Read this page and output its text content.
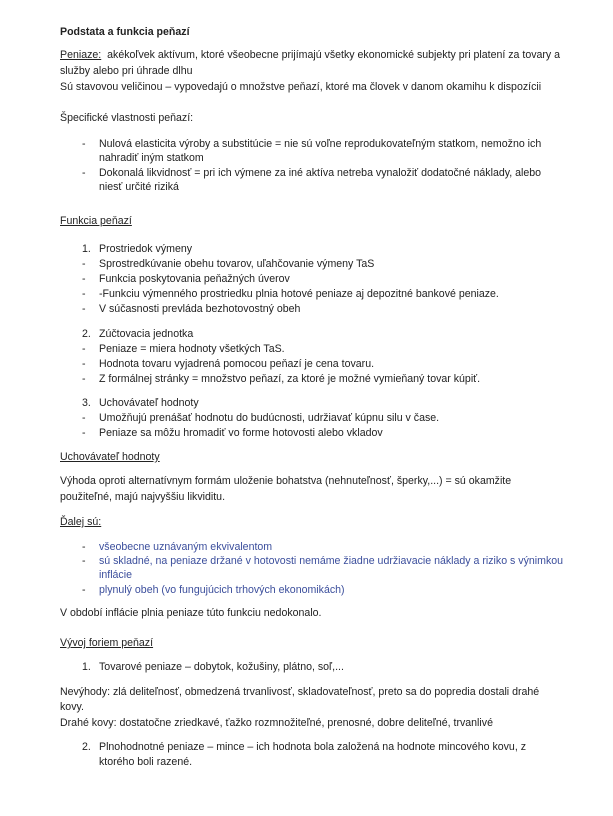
Podstata a funkcia peňazí
Peniaze: akékoľvek aktívum, ktoré všeobecne prijímajú všetky ekonomické subjekty pri platení za tovary a
služby alebo pri úhrade dlhu
Sú stavovou veličinou – vypovedajú o množstve peňazí, ktoré ma človek v danom okamihu k dispozícii
Špecifické vlastnosti peňazí:
- Nulová elasticita výroby a substitúcie = nie sú voľne reprodukovateľným statkom, nemožno ich
nahradiť iným statkom
- Dokonalá likvidnosť = pri ich výmene za iné aktíva netreba vynaložiť dodatočné náklady, alebo
niesť určité riziká
Funkcia peňazí
1. Prostriedok výmeny
- Sprostredkúvanie obehu tovarov, uľahčovanie výmeny TaS
- Funkcia poskytovania peňažných úverov
- -Funkciu výmenného prostriedku plnia hotové peniaze aj depozitné bankové peniaze.
- V súčasnosti prevláda bezhotovostný obeh
2. Zúčtovacia jednotka
- Peniaze = miera hodnoty všetkých TaS.
- Hodnota tovaru vyjadrená pomocou peňazí je cena tovaru.
- Z formálnej stránky = množstvo peňazí, za ktoré je možné vymieňaný tovar kúpiť.
3. Uchovávateľ hodnoty
- Umožňujú prenášať hodnotu do budúcnosti, udržiavať kúpnu silu v čase.
- Peniaze sa môžu hromadiť vo forme hotovosti alebo vkladov
Uchovávateľ hodnoty
Výhoda oproti alternatívnym formám uloženie bohatstva (nehnuteľnosť, šperky,...) = sú okamžite
použiteľné, majú najvyššiu likviditu.
Ďalej sú:
- všeobecne uznávaným ekvivalentom
- sú skladné, na peniaze držané v hotovosti nemáme žiadne udržiavacie náklady a riziko s výnimkou
inflácie
- plynulý obeh (vo fungujúcich trhových ekonomikách)
V období inflácie plnia peniaze túto funkciu nedokonalo.
Vývoj foriem peňazí
1. Tovarové peniaze – dobytok, kožušiny, plátno, soľ,...
Nevýhody: zlá deliteľnosť, obmedzená trvanlivosť, skladovateľnosť, preto sa do popredia dostali drahé
kovy.
Drahé kovy: dostatočne zriedkavé, ťažko rozmnožiteľné, prenosné, dobre deliteľné, trvanlivé
2. Plnohodnotné peniaze – mince – ich hodnota bola založená na hodnote mincového kovu, z
ktorého boli razené.
